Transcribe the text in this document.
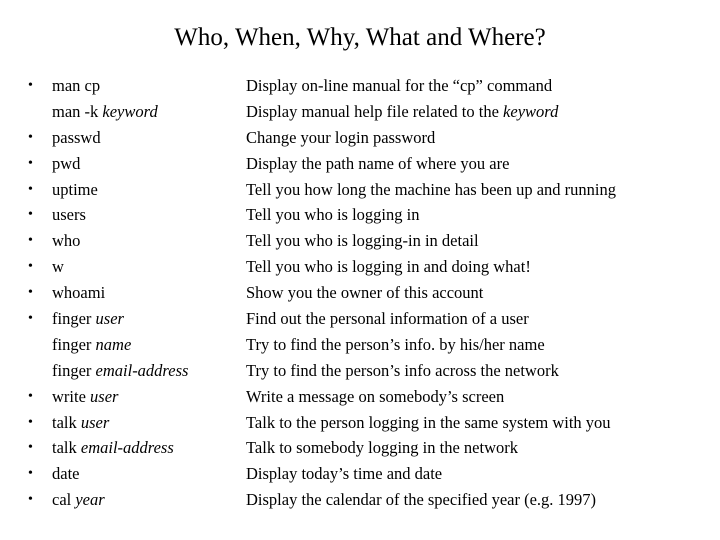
Who, When, Why, What and Where?
• man cp	Display on-line manual for the “cp” command
man -k keyword	Display manual help file related to the keyword
• passwd	Change your login password
• pwd	Display the path name of where you are
• uptime	Tell you how long the machine has been up and running
• users	Tell you who is logging in
• who	Tell you who is logging-in in detail
• w	Tell you who is logging in and doing what!
• whoami	Show you the owner of this account
• finger user	Find out the personal information of a user
finger name	Try to find the person’s info. by his/her name
finger email-address	Try to find the person’s info across the network
• write user	Write a message on somebody’s screen
• talk user	Talk to the person logging in the same system with you
• talk email-address	Talk to somebody logging in the network
• date	Display today’s time and date
• cal year	Display the calendar of the specified year (e.g. 1997)
